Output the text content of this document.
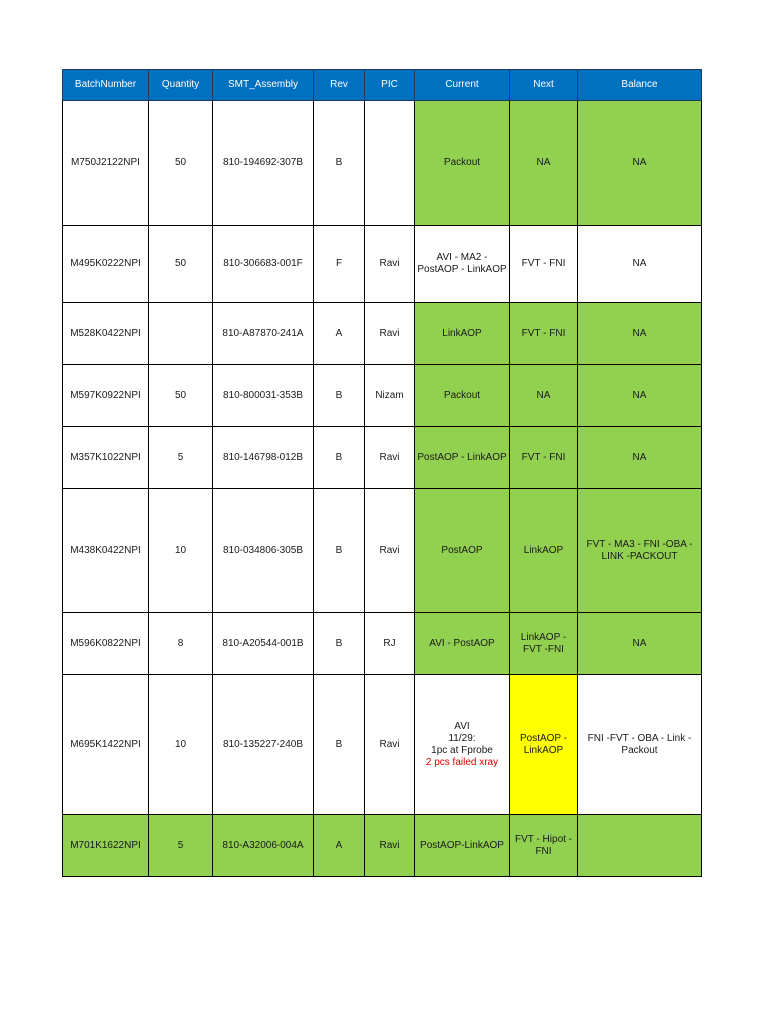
BatchNumber	Quantity	SMT_Assembly	Rev	PIC	Current	Next	Balance
M750J2122NPI	50	810-194692-307B	B		Packout	NA	NA
M495K0222NPI	50	810-306683-001F	F	Ravi	AVI - MA2 -
PostAOP - LinkAOP	FVT - FNI	NA
M528K0422NPI		810-A87870-241A	A	Ravi	LinkAOP	FVT - FNI	NA
M597K0922NPI	50	810-800031-353B	B	Nizam	Packout	NA	NA
M357K1022NPI	5	810-146798-012B	B	Ravi	PostAOP - LinkAOP	FVT - FNI	NA
M438K0422NPI	10	810-034806-305B	B	Ravi	PostAOP	LinkAOP	FVT - MA3 - FNI -OBA - LINK -PACKOUT
M596K0822NPI	8	810-A20544-001B	B	RJ	AVI - PostAOP	LinkAOP - FVT -FNI	NA
M695K1422NPI	10	810-135227-240B	B	Ravi	AVI
11/29:
1pc at Fprobe
2 pcs failed xray	PostAOP - LinkAOP	FNI -FVT - OBA - Link - Packout
M701K1622NPI	5	810-A32006-004A	A	Ravi	PostAOP-LinkAOP	FVT - Hipot - FNI	
